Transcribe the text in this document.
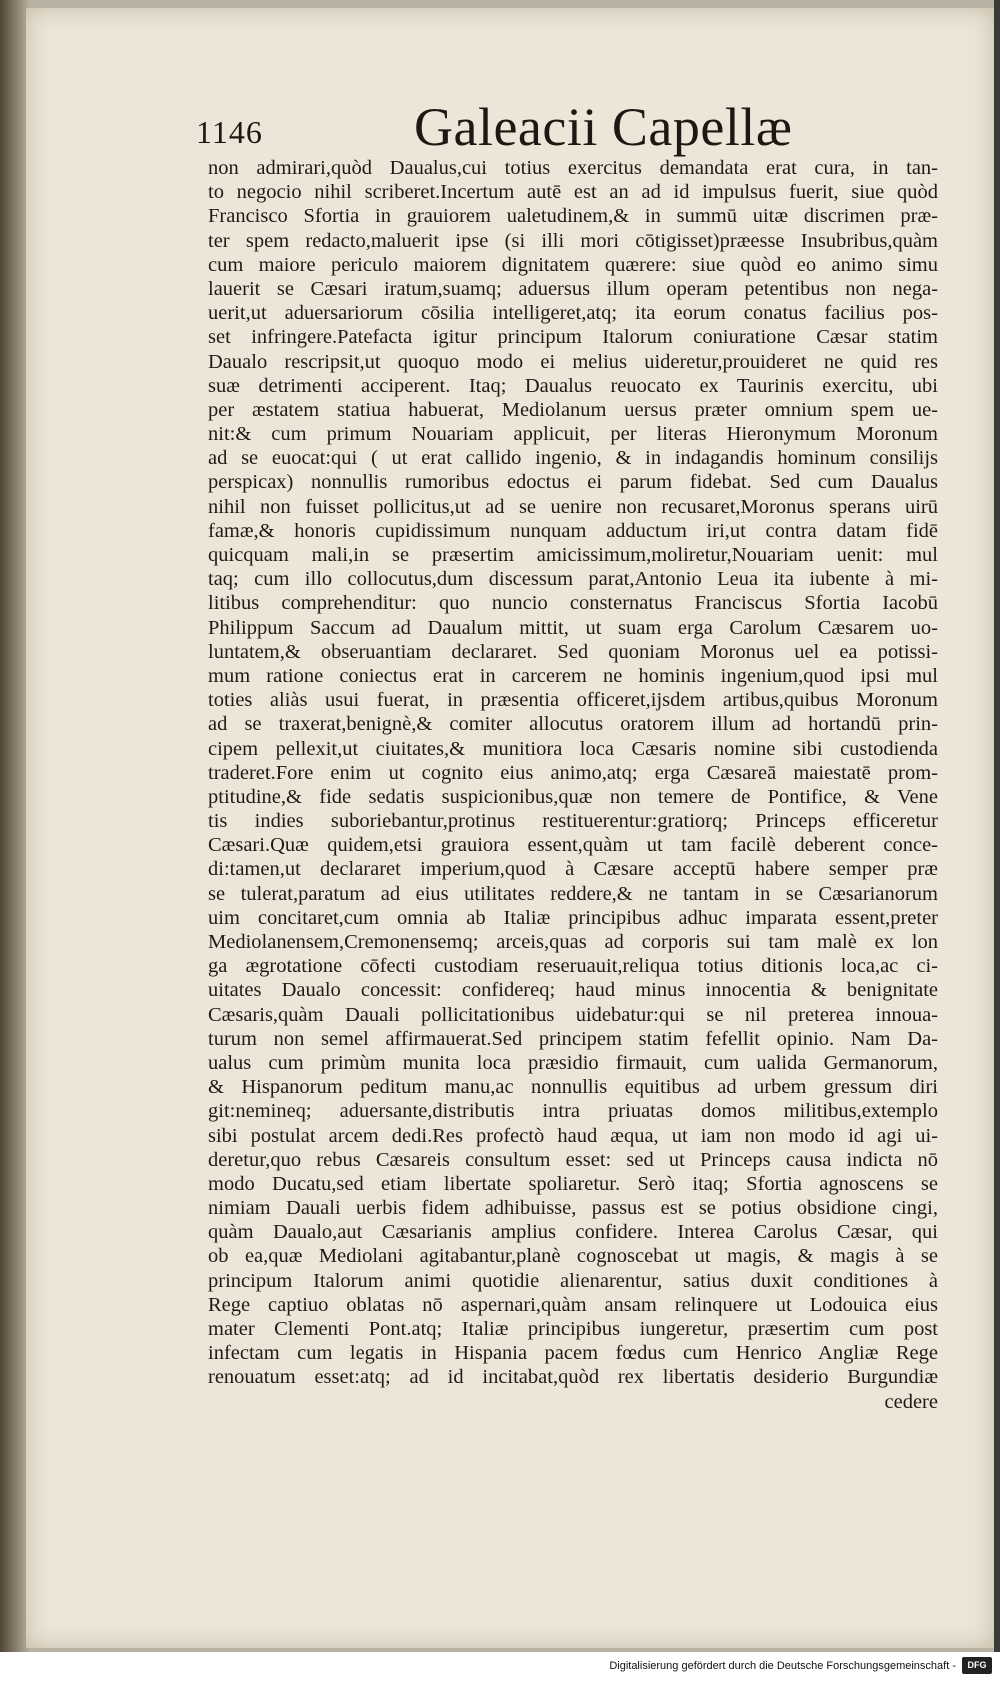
1146	Galeacii Capellæ
non admirari,quòd Daualus,cui totius exercitus demandata erat cura, in tan-
to negocio nihil scriberet.Incertum autē est an ad id impulsus fuerit, siue quòd
Francisco Sfortia in grauiorem ualetudinem,& in summū uitæ discrimen præ-
ter spem redacto,maluerit ipse (si illi mori cōtigisset)præesse Insubribus,quàm
cum maiore periculo maiorem dignitatem quærere: siue quòd eo animo simu
lauerit se Cæsari iratum,suamq; aduersus illum operam petentibus non nega-
uerit,ut aduersariorum cōsilia intelligeret,atq; ita eorum conatus facilius pos-
set infringere.Patefacta igitur principum Italorum coniuratione Cæsar statim
Daualo rescripsit,ut quoquo modo ei melius uideretur,prouideret ne quid res
suæ detrimenti acciperent. Itaq; Daualus reuocato ex Taurinis exercitu, ubi
per æstatem statiua habuerat, Mediolanum uersus præter omnium spem ue-
nit:& cum primum Nouariam applicuit, per literas Hieronymum Moronum
ad se euocat:qui ( ut erat callido ingenio, & in indagandis hominum consilijs
perspicax) nonnullis rumoribus edoctus ei parum fidebat. Sed cum Daualus
nihil non fuisset pollicitus,ut ad se uenire non recusaret,Moronus sperans uirū
famæ,& honoris cupidissimum nunquam adductum iri,ut contra datam fidē
quicquam mali,in se præsertim amicissimum,moliretur,Nouariam uenit: mul
taq; cum illo collocutus,dum discessum parat,Antonio Leua ita iubente à mi-
litibus comprehenditur: quo nuncio consternatus Franciscus Sfortia Iacobū
Philippum Saccum ad Daualum mittit, ut suam erga Carolum Cæsarem uo-
luntatem,& obseruantiam declararet. Sed quoniam Moronus uel ea potissi-
mum ratione coniectus erat in carcerem ne hominis ingenium,quod ipsi mul
toties aliàs usui fuerat, in præsentia officeret,ijsdem artibus,quibus Moronum
ad se traxerat,benignè,& comiter allocutus oratorem illum ad hortandū prin-
cipem pellexit,ut ciuitates,& munitiora loca Cæsaris nomine sibi custodienda
traderet.Fore enim ut cognito eius animo,atq; erga Cæsareā maiestatē prom-
ptitudine,& fide sedatis suspicionibus,quæ non temere de Pontifice, & Vene
tis indies suboriebantur,protinus restituerentur:gratiorq; Princeps efficeretur
Cæsari.Quæ quidem,etsi grauiora essent,quàm ut tam facilè deberent conce-
di:tamen,ut declararet imperium,quod à Cæsare acceptū habere semper præ
se tulerat,paratum ad eius utilitates reddere,& ne tantam in se Cæsarianorum
uim concitaret,cum omnia ab Italiæ principibus adhuc imparata essent,preter
Mediolanensem,Cremonensemq; arceis,quas ad corporis sui tam malè ex lon
ga ægrotatione cōfecti custodiam reseruauit,reliqua totius ditionis loca,ac ci-
uitates Daualo concessit: confidereq; haud minus innocentia & benignitate
Cæsaris,quàm Dauali pollicitationibus uidebatur:qui se nil preterea innoua-
turum non semel affirmauerat.Sed principem statim fefellit opinio. Nam Da-
ualus cum primùm munita loca præsidio firmauit, cum ualida Germanorum,
& Hispanorum peditum manu,ac nonnullis equitibus ad urbem gressum diri
git:nemineq; aduersante,distributis intra priuatas domos militibus,extemplo
sibi postulat arcem dedi.Res profectò haud æqua, ut iam non modo id agi ui-
deretur,quo rebus Cæsareis consultum esset: sed ut Princeps causa indicta nō
modo Ducatu,sed etiam libertate spoliaretur. Serò itaq; Sfortia agnoscens se
nimiam Dauali uerbis fidem adhibuisse, passus est se potius obsidione cingi,
quàm Daualo,aut Cæsarianis amplius confidere. Interea Carolus Cæsar, qui
ob ea,quæ Mediolani agitabantur,planè cognoscebat ut magis, & magis à se
principum Italorum animi quotidie alienarentur, satius duxit conditiones à
Rege captiuo oblatas nō aspernari,quàm ansam relinquere ut Lodouica eius
mater Clementi Pont.atq; Italiæ principibus iungeretur, præsertim cum post
infectam cum legatis in Hispania pacem fœdus cum Henrico Angliæ Rege
renouatum esset:atq; ad id incitabat,quòd rex libertatis desiderio Burgundiæ
cedere
Digitalisierung gefördert durch die Deutsche Forschungsgemeinschaft -	DFG
